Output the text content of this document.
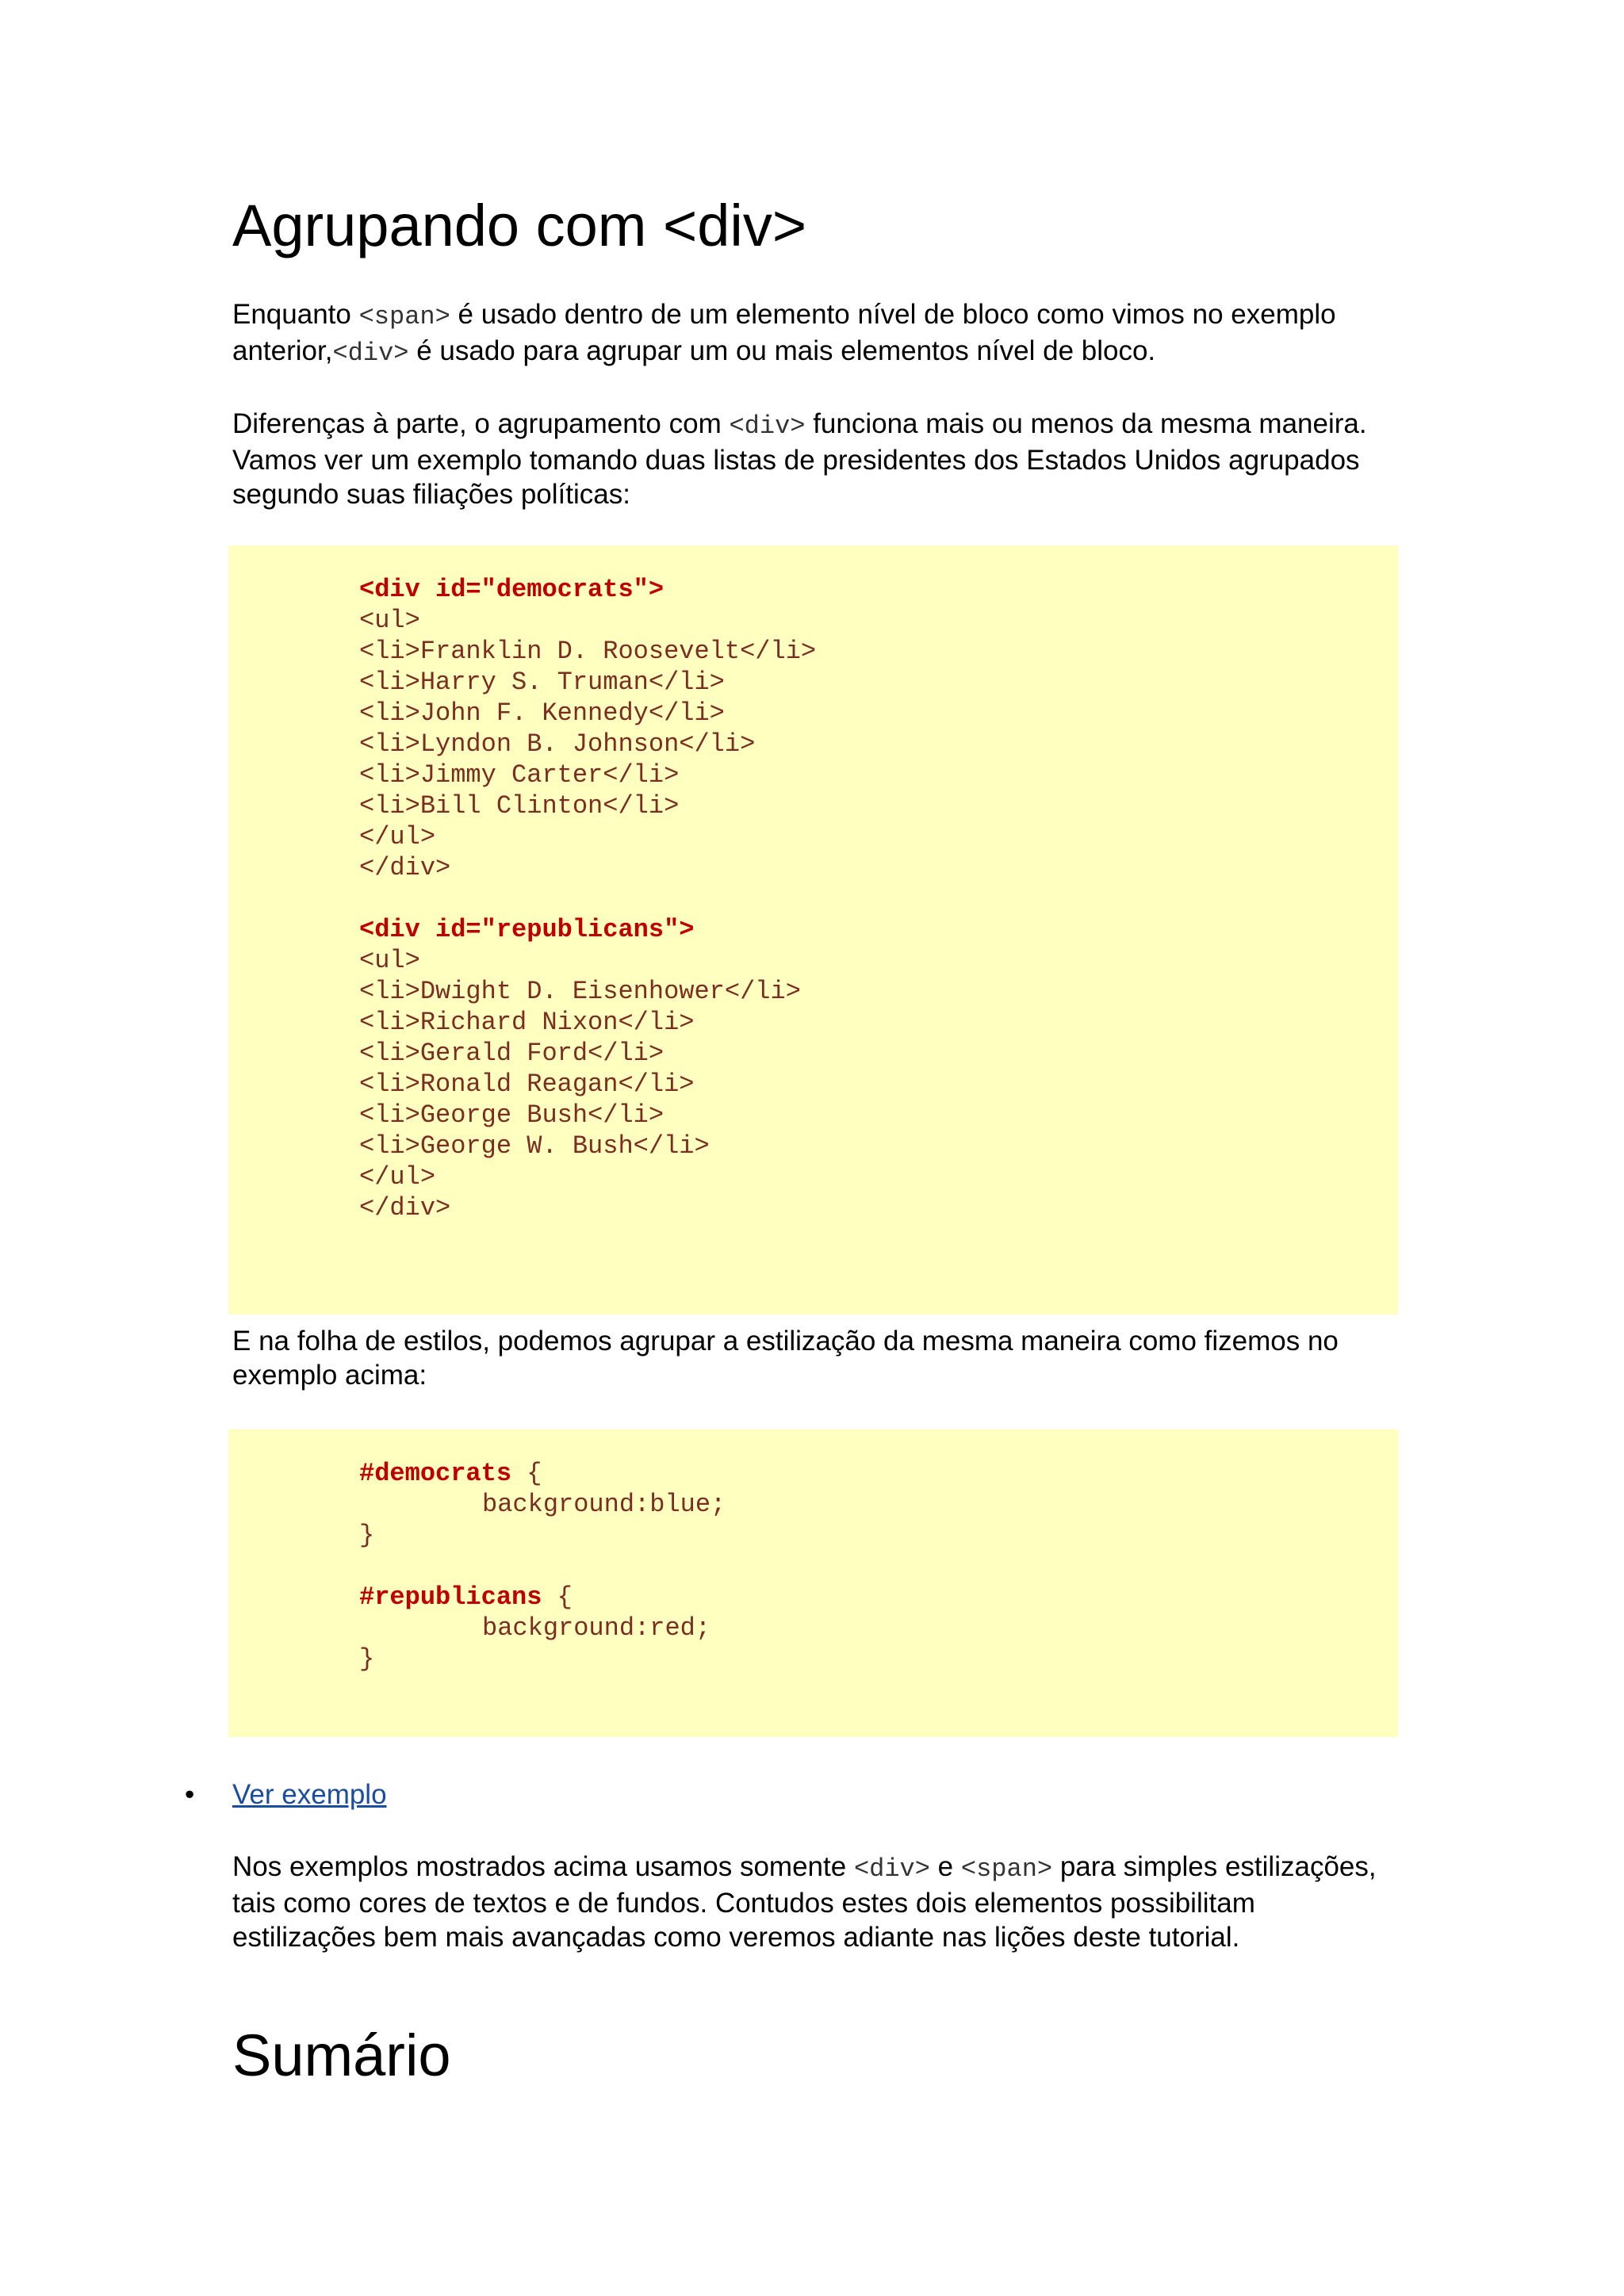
Agrupando com <div>

Enquanto <span> é usado dentro de um elemento nível de bloco como vimos no exemplo anterior,<div> é usado para agrupar um ou mais elementos nível de bloco.

Diferenças à parte, o agrupamento com <div> funciona mais ou menos da mesma maneira. Vamos ver um exemplo tomando duas listas de presidentes dos Estados Unidos agrupados segundo suas filiações políticas:

<div id="democrats">
<ul>
<li>Franklin D. Roosevelt</li>
<li>Harry S. Truman</li>
<li>John F. Kennedy</li>
<li>Lyndon B. Johnson</li>
<li>Jimmy Carter</li>
<li>Bill Clinton</li>
</ul>
</div>
<div id="republicans">
<ul>
<li>Dwight D. Eisenhower</li>
<li>Richard Nixon</li>
<li>Gerald Ford</li>
<li>Ronald Reagan</li>
<li>George Bush</li>
<li>George W. Bush</li>
</ul>
</div>

E na folha de estilos, podemos agrupar a estilização da mesma maneira como fizemos no exemplo acima:

#democrats {
background:blue;
}
#republicans {
background:red;
}
• Ver exemplo

Nos exemplos mostrados acima usamos somente <div> e <span> para simples estilizações, tais como cores de textos e de fundos. Contudos estes dois elementos possibilitam estilizações bem mais avançadas como veremos adiante nas lições deste tutorial.

Sumário
